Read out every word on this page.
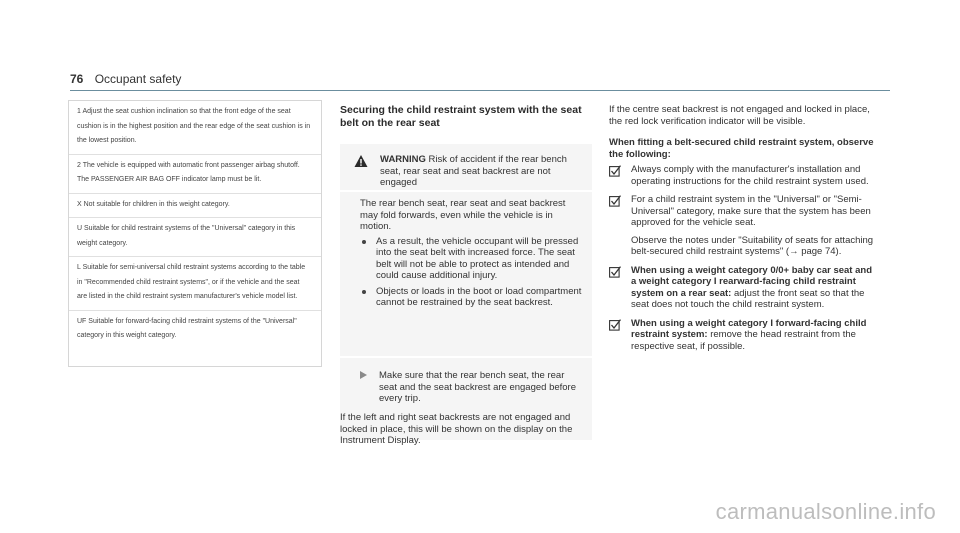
76 Occupant safety
1 Adjust the seat cushion inclination so that the front edge of the seat cushion is in the highest position and the rear edge of the seat cushion is in the lowest position.
2 The vehicle is equipped with automatic front passenger airbag shutoff. The PASSENGER AIR BAG OFF indicator lamp must be lit.
X Not suitable for children in this weight category.
U Suitable for child restraint systems of the "Universal" category in this weight category.
L Suitable for semi-universal child restraint systems according to the table in "Recommended child restraint systems", or if the vehicle and the seat are listed in the child restraint system manufacturer's vehicle model list.
UF Suitable for forward-facing child restraint systems of the "Universal" category in this weight category.
Securing the child restraint system with the seat belt on the rear seat
WARNING Risk of accident if the rear bench seat, rear seat and seat backrest are not engaged
The rear bench seat, rear seat and seat backrest may fold forwards, even while the vehicle is in motion.
As a result, the vehicle occupant will be pressed into the seat belt with increased force. The seat belt will not be able to protect as intended and could cause additional injury.
Objects or loads in the boot or load compartment cannot be restrained by the seat backrest.
Make sure that the rear bench seat, the rear seat and the seat backrest are engaged before every trip.
If the left and right seat backrests are not engaged and locked in place, this will be shown on the display on the Instrument Display.

If the centre seat backrest is not engaged and locked in place, the red lock verification indicator will be visible.

When fitting a belt-secured child restraint system, observe the following:

Always comply with the manufacturer's installation and operating instructions for the child restraint system used.
For a child restraint system in the "Universal" or "Semi-Universal" category, make sure that the system has been approved for the vehicle seat.
Observe the notes under "Suitability of seats for attaching belt-secured child restraint systems" (→ page 74).
When using a weight category 0/0+ baby car seat and a weight category I rearward-facing child restraint system on a rear seat: adjust the front seat so that the seat does not touch the child restraint system.
When using a weight category I forward-facing child restraint system: remove the head restraint from the respective seat, if possible.
carmanualsonline.info
